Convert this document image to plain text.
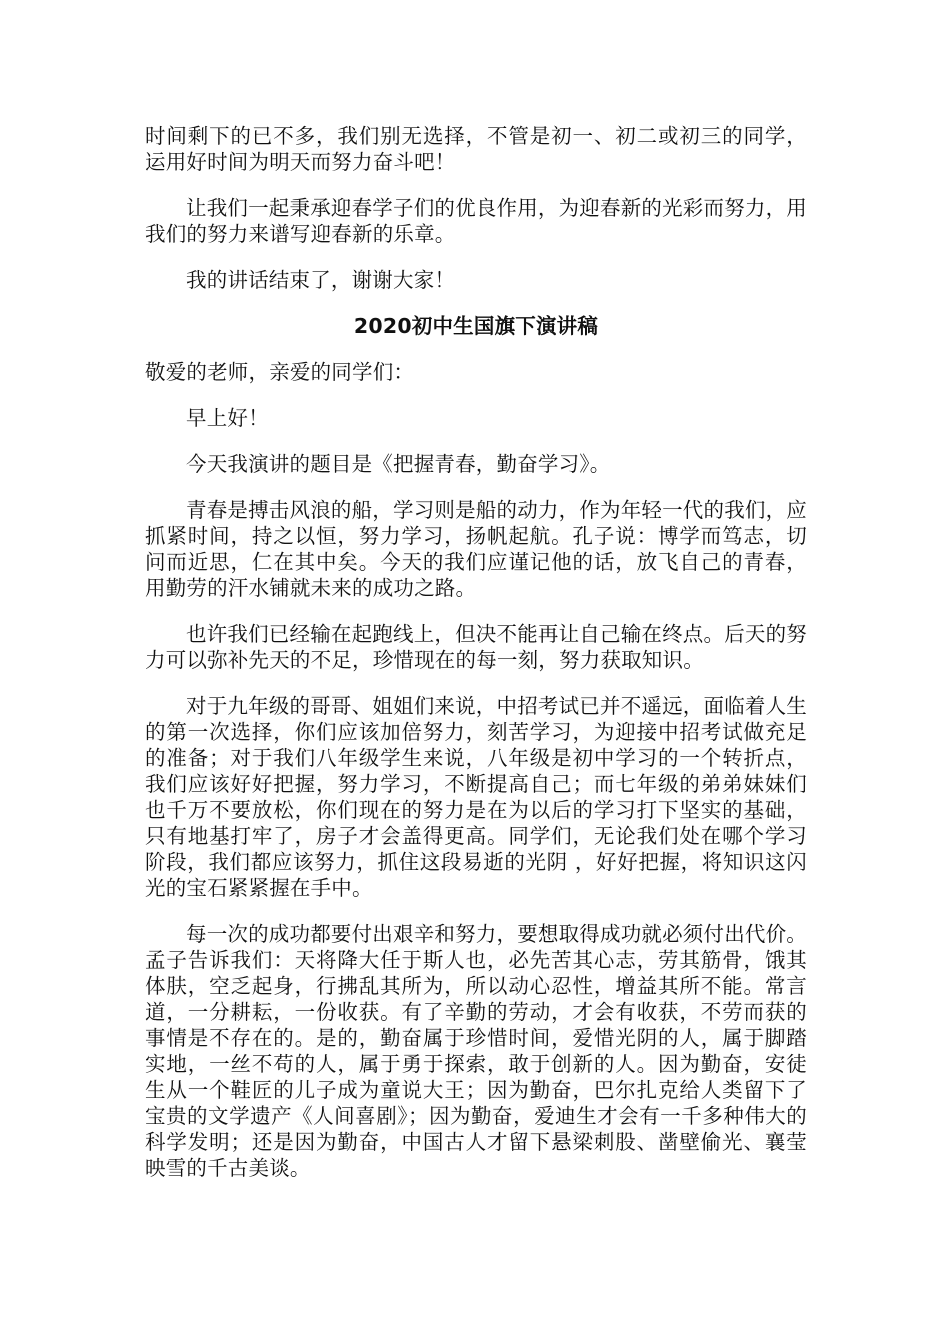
时间剩下的已不多，我们别无选择，不管是初一、初二或初三的同学，运用好时间为明天而努力奋斗吧！

让我们一起秉承迎春学子们的优良作用，为迎春新的光彩而努力，用我们的努力来谱写迎春新的乐章。

我的讲话结束了，谢谢大家！

2020初中生国旗下演讲稿

敬爱的老师，亲爱的同学们：

早上好！

今天我演讲的题目是《把握青春，勤奋学习》。

青春是搏击风浪的船，学习则是船的动力，作为年轻一代的我们，应抓紧时间，持之以恒，努力学习，扬帆起航。孔子说：博学而笃志，切问而近思，仁在其中矣。今天的我们应谨记他的话，放飞自己的青春，用勤劳的汗水铺就未来的成功之路。

也许我们已经输在起跑线上，但决不能再让自己输在终点。后天的努力可以弥补先天的不足，珍惜现在的每一刻，努力获取知识。

对于九年级的哥哥、姐姐们来说，中招考试已并不遥远，面临着人生的第一次选择，你们应该加倍努力，刻苦学习，为迎接中招考试做充足的准备；对于我们八年级学生来说，八年级是初中学习的一个转折点，我们应该好好把握，努力学习，不断提高自己；而七年级的弟弟妹妹们也千万不要放松，你们现在的努力是在为以后的学习打下坚实的基础，只有地基打牢了，房子才会盖得更高。同学们，无论我们处在哪个学习阶段，我们都应该努力，抓住这段易逝的光阴 ，好好把握，将知识这闪光的宝石紧紧握在手中。

每一次的成功都要付出艰辛和努力，要想取得成功就必须付出代价。孟子告诉我们：天将降大任于斯人也，必先苦其心志，劳其筋骨，饿其体肤，空乏起身，行拂乱其所为，所以动心忍性，增益其所不能。常言道，一分耕耘，一份收获。有了辛勤的劳动，才会有收获，不劳而获的事情是不存在的。是的，勤奋属于珍惜时间，爱惜光阴的人，属于脚踏实地，一丝不苟的人，属于勇于探索，敢于创新的人。因为勤奋，安徒生从一个鞋匠的儿子成为童说大王；因为勤奋，巴尔扎克给人类留下了宝贵的文学遗产《人间喜剧》；因为勤奋，爱迪生才会有一千多种伟大的科学发明；还是因为勤奋，中国古人才留下悬梁刺股、凿壁偷光、襄莹映雪的千古美谈。
